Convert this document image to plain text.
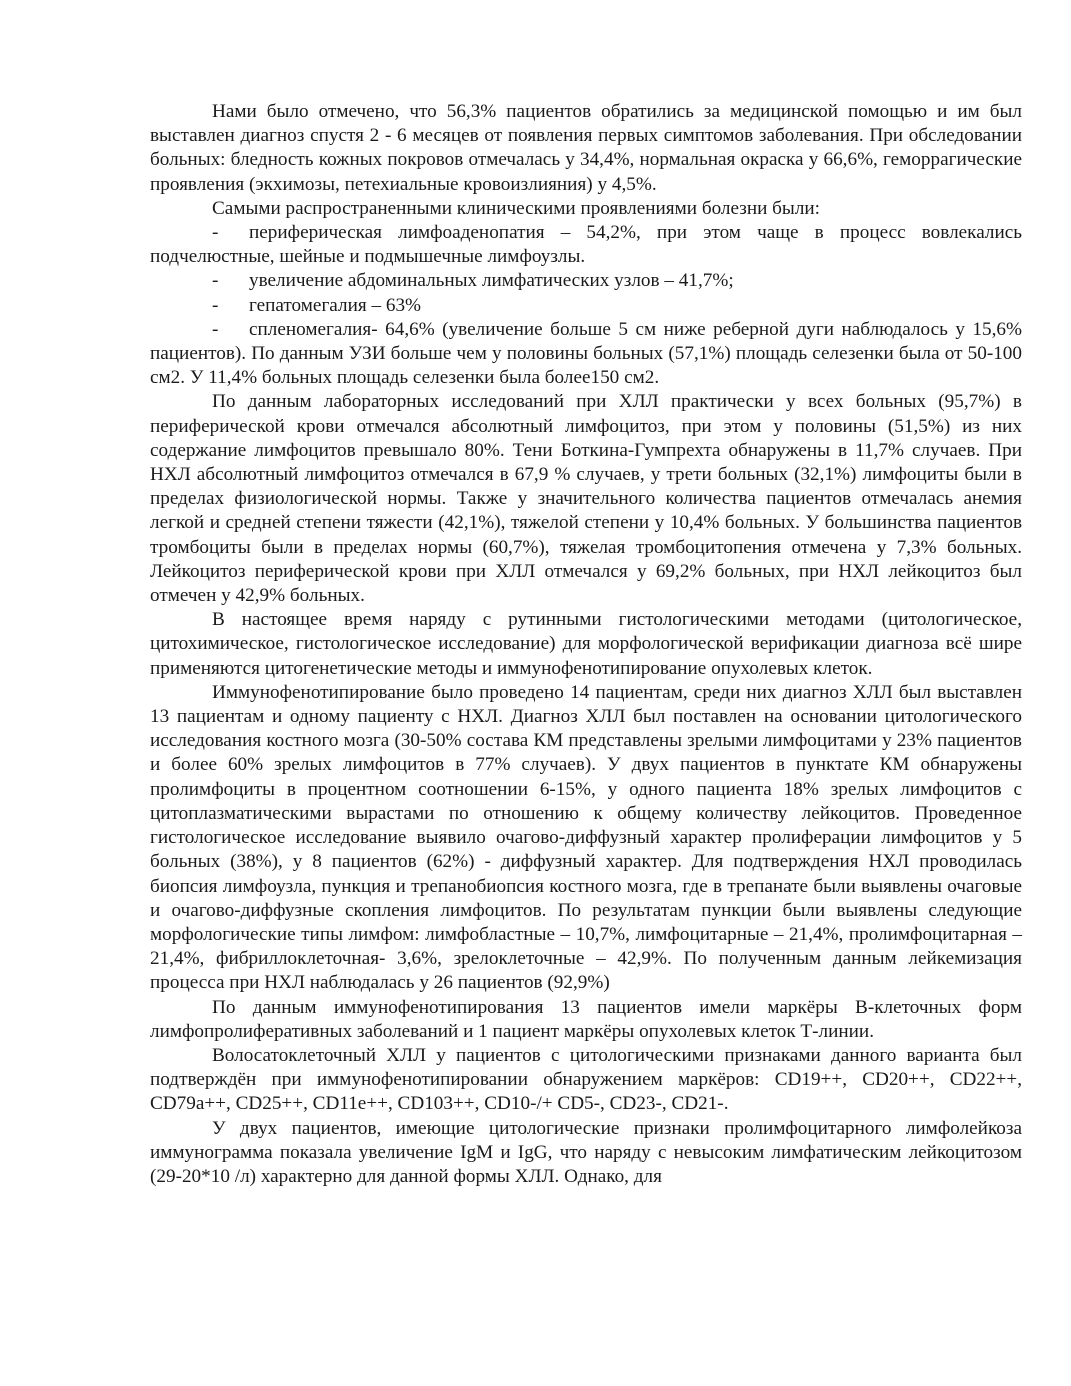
Нами было отмечено, что 56,3% пациентов обратились за медицинской помощью и им был выставлен диагноз спустя 2 - 6 месяцев от появления первых симптомов заболевания. При обследовании больных: бледность кожных покровов отмечалась у 34,4%, нормальная окраска у 66,6%, геморрагические проявления (экхимозы, петехиальные кровоизлияния) у 4,5%.

Самыми распространенными клиническими проявлениями болезни были:

- периферическая лимфоаденопатия – 54,2%, при этом чаще в процесс вовлекались подчелюстные, шейные и подмышечные лимфоузлы.

- увеличение абдоминальных лимфатических узлов – 41,7%;

- гепатомегалия – 63%

- спленомегалия- 64,6% (увеличение больше 5 см ниже реберной дуги наблюдалось у 15,6% пациентов). По данным УЗИ больше чем у половины больных (57,1%) площадь селезенки была от 50-100 см2. У 11,4% больных площадь селезенки была более150 см2.

По данным лабораторных исследований при ХЛЛ практически у всех больных (95,7%) в периферической крови отмечался абсолютный лимфоцитоз, при этом у половины (51,5%) из них содержание лимфоцитов превышало 80%. Тени Боткина-Гумпрехта обнаружены в 11,7% случаев. При НХЛ абсолютный лимфоцитоз отмечался в 67,9 % случаев, у трети больных (32,1%) лимфоциты были в пределах физиологической нормы. Также у значительного количества пациентов отмечалась анемия легкой и средней степени тяжести (42,1%), тяжелой степени у 10,4% больных. У большинства пациентов тромбоциты были в пределах нормы (60,7%), тяжелая тромбоцитопения отмечена у 7,3% больных. Лейкоцитоз периферической крови при ХЛЛ отмечался у 69,2% больных, при НХЛ лейкоцитоз был отмечен у 42,9% больных.

В настоящее время наряду с рутинными гистологическими методами (цитологическое, цитохимическое, гистологическое исследование) для морфологической верификации диагноза всё шире применяются цитогенетические методы и иммунофенотипирование опухолевых клеток.

Иммунофенотипирование было проведено 14 пациентам, среди них диагноз ХЛЛ был выставлен 13 пациентам и одному пациенту с НХЛ. Диагноз ХЛЛ был поставлен на основании цитологического исследования костного мозга (30-50% состава КМ представлены зрелыми лимфоцитами у 23% пациентов и более 60% зрелых лимфоцитов в 77% случаев). У двух пациентов в пунктате КМ обнаружены пролимфоциты в процентном соотношении 6-15%, у одного пациента 18% зрелых лимфоцитов с цитоплазматическими вырастами по отношению к общему количеству лейкоцитов. Проведенное гистологическое исследование выявило очагово-диффузный характер пролиферации лимфоцитов у 5 больных (38%), у 8 пациентов (62%) - диффузный характер. Для подтверждения НХЛ проводилась биопсия лимфоузла, пункция и трепанобиопсия костного мозга, где в трепанате были выявлены очаговые и очагово-диффузные скопления лимфоцитов. По результатам пункции были выявлены следующие морфологические типы лимфом: лимфобластные – 10,7%, лимфоцитарные – 21,4%, пролимфоцитарная – 21,4%, фибриллоклеточная- 3,6%, зрелоклеточные – 42,9%. По полученным данным лейкемизация процесса при НХЛ наблюдалась у 26 пациентов (92,9%)

По данным иммунофенотипирования 13 пациентов имели маркёры В-клеточных форм лимфопролиферативных заболеваний и 1 пациент маркёры опухолевых клеток Т-линии.

Волосатоклеточный ХЛЛ у пациентов с цитологическими признаками данного варианта был подтверждён при иммунофенотипировании обнаружением маркёров: CD19++, CD20++, CD22++, CD79a++, CD25++, CD11e++, CD103++, CD10-/+ CD5-, CD23-, CD21-.

У двух пациентов, имеющие цитологические признаки пролимфоцитарного лимфолейкоза иммунограмма показала увеличение IgM и IgG, что наряду с невысоким лимфатическим лейкоцитозом (29-20*10 /л) характерно для данной формы ХЛЛ. Однако, для
